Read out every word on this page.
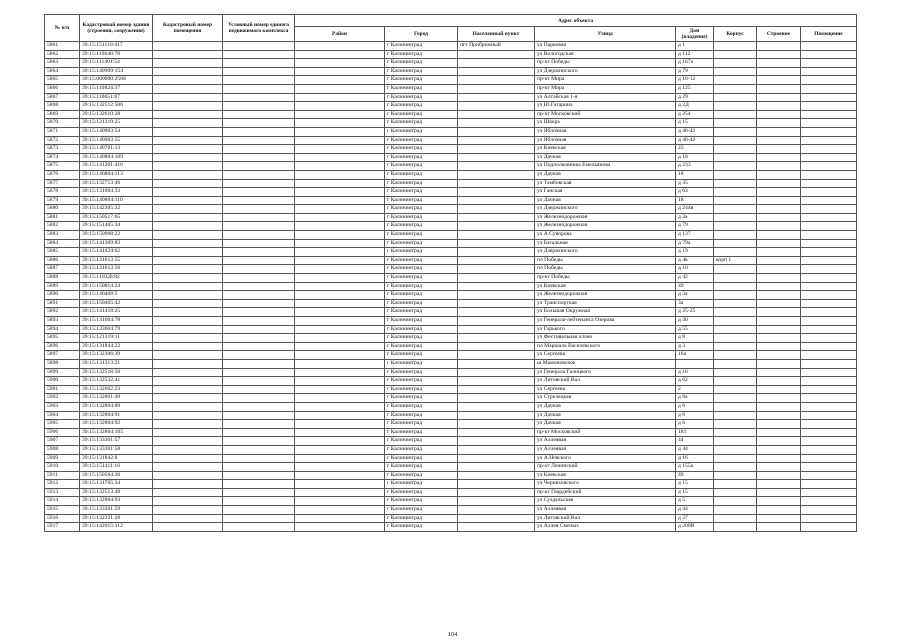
№ п/п	Кадастровый номер здания (строения, сооружения)	Кадастровый номер помещения	Условный номер единого недвижимого комплекса	Адрес объекта							
				Район	Город	Населенный пункт	Улица	Дом (владение)	Корпус	Строение	Помещение
5861	39:15:151110:417				г Калининград	пгт Прибрежный	ул Парковая	д 1			
5862	39:15:110648:78				г Калининград		ул Вологодская	д 112			
5863	39:15:111401:54				г Калининград		пр-кт Победы	д 167а			
5864	39:15:140909:154				г Калининград		ул Дзержинского	д 79			
5865	39:15:000000:2568				г Калининград		пр-кт Мира	д 10-12			
5866	39:15:110824:37				г Калининград		пр-кт Мира	д 125			
5867	39:15:110651:87				г Калининград		ул Алтайская 1-я	д 29			
5868	39:15:132512:506				г Калининград		ул Ю.Гагарина	д 2Д			
5869	39:15:132610:28				г Калининград		пр-кт Московский	д 254			
5870	39:15:121319:25				г Калининград		ул Шкера	д 15			
5871	39:15:140903:54				г Калининград		ул Яблочная	д 40-42			
5872	39:15:140903:55				г Калининград		ул Яблочная	д 40-42			
5873	39:15:140701:13				г Калининград		ул Киевская	23			
5874	39:15:140804:109				г Калининград		ул Дачная	д 18			
5875	39:15:141201:416				г Калининград		ул Подполковника Емельянова	д 233			
5876	39:15:140804:113				г Калининград		ул Дачная	18			
5877	39:15:132713:46				г Калининград		ул Тамбовская	д 35			
5878	39:15:131004:33				г Калининград		ул Ганская	д 63			
5879	39:15:140804:110				г Калининград		ул Дачная	18			
5880	39:15:142305:32				г Калининград		ул Дзержинского	д 244в			
5881	39:15:150517:65				г Калининград		ул Железнодорожная	д 3а			
5882	39:15:151405:34				г Калининград		ул Железнодорожная	д 79			
5883	39:15:150908:22				г Калининград		ул А.Суворова	д 137			
5884	39:15:141309:83				г Калининград		ул Батальная	д 79а			
5885	39:15:141424:62				г Калининград		ул Дзержинского	д 19			
5886	39:15:121613:55				г Калининград		пл Победы	д 4в	корп 1		
5887	39:15:121613:56				г Калининград		пл Победы	д 10			
5888	39:15:111028:82				г Калининград		пр-кт Победы	д 42			
5889	39:15:150814:24				г Калининград		ул Киевская	49			
5890	39:15:140408:5				г Калининград		ул Железнодорожная	д 3а			
5891	39:15:150405:42				г Калининград		ул Транспортная	3а			
5892	39:15:141418:25				г Калининград		ул Большая Окружная	д 25-25			
5893	39:15:131604:78				г Калининград		ул Генерала-лейтенанта Озерова	д 30			
5894	39:15:133604:79				г Калининград		ул Горького	д 55			
5895	39:15:121319:11				г Калининград		ул Фестивальная аллея	д 8			
5896	39:15:131844:22				г Калининград		пл Маршала Василевского	д 3			
5897	39:15:132306:39				г Калининград		ул Сергеева	16а			
5898	39:15:131313:21				г Калининград		ш Мамоновское				
5899	39:15:132518:50				г Калининград		ул Генерала Галицкого	д 16			
5900	39:15:132532:41				г Калининград		ул Литовский Вал	д 62			
5901	39:15:132602:23				г Калининград		ул Сергеева	2			
5902	39:15:132801:49				г Калининград		ул Стрелецкая	д 8а			
5903	39:15:132804:89				г Калининград		ул Дачная	д 6			
5904	39:15:132804:91				г Калининград		ул Дачная	д 6			
5905	39:15:132804:92				г Калининград		ул Дачная	д 6			
5906	39:15:132804:105				г Калининград		пр-кт Московский	181			
5907	39:15:133301:57				г Калининград		ул Аллеявая	44			
5908	39:15:133301:58				г Калининград		ул Аллеявая	д 44			
5909	39:15:131842:8				г Калининград		ул А.Невского	д 16			
5910	39:15:151411:16				г Калининград		пр-кт Ленинский	д 155а			
5911	39:15:150504:26				г Калининград		ул Киевская	49			
5912	39:15:131705:34				г Калининград		ул Черняховского	д 15			
5913	39:15:132513:48				г Калининград		пр-кт Гвардейский	д 15			
5914	39:15:132804:93				г Калининград		ул Суздальская	д 5			
5915	39:15:133301:59				г Калининград		ул Аллеявая	д 44			
5916	39:15:132321:28				г Калининград		ул Литовский Вал	д 27			
5917	39:15:142015:112				г Калининград		ул Аллея Смелых	д 200В			
104
